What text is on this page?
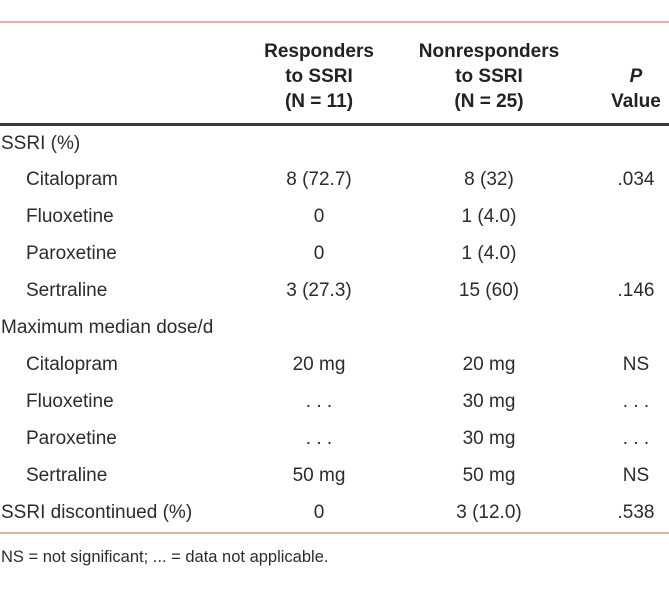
	Responders
to SSRI
(N = 11)	Nonresponders
to SSRI
(N = 25)	P
Value
SSRI (%)			
Citalopram	8 (72.7)	8 (32)	.034
Fluoxetine	0	1 (4.0)	
Paroxetine	0	1 (4.0)	
Sertraline	3 (27.3)	15 (60)	.146
Maximum median dose/d			
Citalopram	20 mg	20 mg	NS
Fluoxetine	. . .	30 mg	. . .
Paroxetine	. . .	30 mg	. . .
Sertraline	50 mg	50 mg	NS
SSRI discontinued (%)	0	3 (12.0)	.538

NS = not significant; ... = data not applicable.
